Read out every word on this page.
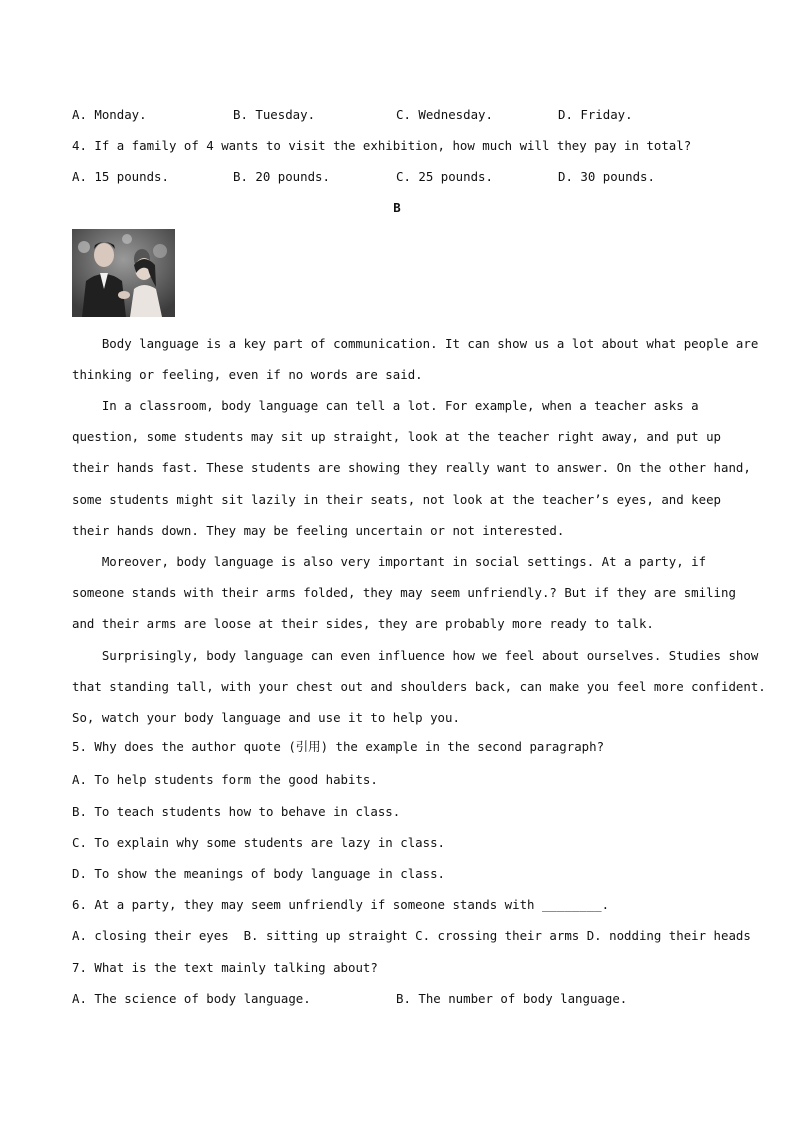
A. Monday.	B. Tuesday.	C. Wednesday.	D. Friday.
4. If a family of 4 wants to visit the exhibition, how much will they pay in total?
A. 15 pounds.	B. 20 pounds.	C. 25 pounds.	D. 30 pounds.
B
Body language is a key part of communication. It can show us a lot about what people are
thinking or feeling, even if no words are said.
In a classroom, body language can tell a lot. For example, when a teacher asks a
question, some students may sit up straight, look at the teacher right away, and put up
their hands fast. These students are showing they really want to answer. On the other hand,
some students might sit lazily in their seats, not look at the teacher’s eyes, and keep
their hands down. They may be feeling uncertain or not interested.
Moreover, body language is also very important in social settings. At a party, if
someone stands with their arms folded, they may seem unfriendly.? But if they are smiling
and their arms are loose at their sides, they are probably more ready to talk.
Surprisingly, body language can even influence how we feel about ourselves. Studies show
that standing tall, with your chest out and shoulders back, can make you feel more confident.
So, watch your body language and use it to help you.
5. Why does the author quote (引用) the example in the second paragraph?
A. To help students form the good habits.
B. To teach students how to behave in class.
C. To explain why some students are lazy in class.
D. To show the meanings of body language in class.
6. At a party, they may seem unfriendly if someone stands with ________.
A. closing their eyes  B. sitting up straight C. crossing their arms D. nodding their heads
7. What is the text mainly talking about?
A. The science of body language.	B. The number of body language.
